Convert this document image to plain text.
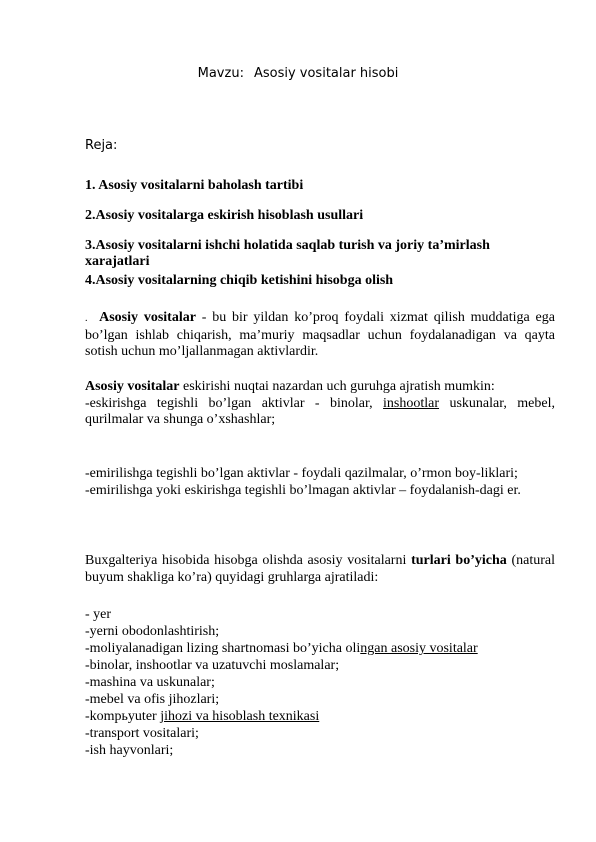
Mavzu: Asosiy vositalar hisobi
Reja:
1. Asosiy vositalarni baholash tartibi
2.Asosiy vositalarga eskirish hisoblash usullari
3.Asosiy vositalarni ishchi holatida saqlab turish va joriy ta’mirlash xarajatlari
4.Asosiy vositalarning chiqib ketishini hisobga olish
. Asosiy vositalar - bu bir yildan ko’proq foydali xizmat qilish muddatiga ega bo’lgan ishlab chiqarish, ma’muriy maqsadlar uchun foydalanadigan va qayta sotish uchun mo’ljallanmagan aktivlardir.
Asosiy vositalar eskirishi nuqtai nazardan uch guruhga ajratish mumkin:
-eskirishga tegishli bo’lgan aktivlar - binolar, inshootlar uskunalar, mebel, qurilmalar va shunga o’xshashlar;
-emirilishga tegishli bo’lgan aktivlar - foydali qazilmalar, o’rmon boy-liklari;
-emirilishga yoki eskirishga tegishli bo’lmagan aktivlar – foydalanish-dagi er.
Buxgalteriya hisobida hisobga olishda asosiy vositalarni turlari bo’yicha (natural buyum shakliga ko’ra) quyidagi gruhlarga ajratiladi:
- yer
-yerni obodonlashtirish;
-moliyalanadigan lizing shartnomasi bo’yicha olingan asosiy vositalar
-binolar, inshootlar va uzatuvchi moslamalar;
-mashina va uskunalar;
-mebel va ofis jihozlari;
-kompьyuter jihozi va hisoblash texnikasi
-transport vositalari;
-ish hayvonlari;
